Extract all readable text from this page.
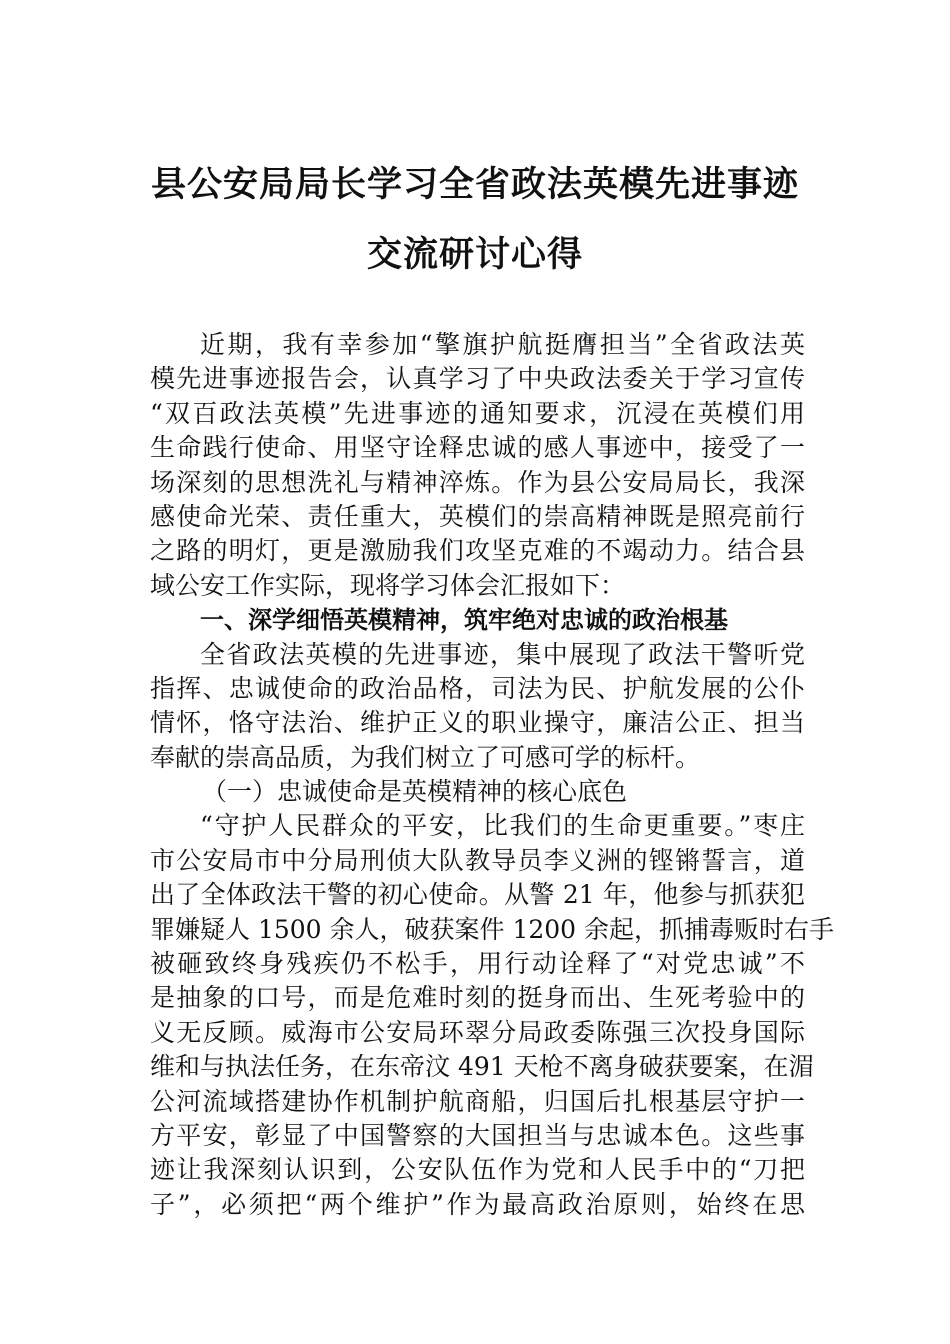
县公安局局长学习全省政法英模先进事迹
交流研讨心得
近期，我有幸参加“擎旗护航挺膺担当”全省政法英
模先进事迹报告会，认真学习了中央政法委关于学习宣传
“双百政法英模”先进事迹的通知要求，沉浸在英模们用
生命践行使命、用坚守诠释忠诚的感人事迹中，接受了一
场深刻的思想洗礼与精神淬炼。作为县公安局局长，我深
感使命光荣、责任重大，英模们的崇高精神既是照亮前行
之路的明灯，更是激励我们攻坚克难的不竭动力。结合县
域公安工作实际，现将学习体会汇报如下：
一、深学细悟英模精神，筑牢绝对忠诚的政治根基
全省政法英模的先进事迹，集中展现了政法干警听党
指挥、忠诚使命的政治品格，司法为民、护航发展的公仆
情怀，恪守法治、维护正义的职业操守，廉洁公正、担当
奉献的崇高品质，为我们树立了可感可学的标杆。
（一）忠诚使命是英模精神的核心底色
“守护人民群众的平安，比我们的生命更重要。”枣庄
市公安局市中分局刑侦大队教导员李义洲的铿锵誓言，道
出了全体政法干警的初心使命。从警 21 年，他参与抓获犯
罪嫌疑人 1500 余人，破获案件 1200 余起，抓捕毒贩时右手
被砸致终身残疾仍不松手，用行动诠释了“对党忠诚”不
是抽象的口号，而是危难时刻的挺身而出、生死考验中的
义无反顾。威海市公安局环翠分局政委陈强三次投身国际
维和与执法任务，在东帝汶 491 天枪不离身破获要案，在湄
公河流域搭建协作机制护航商船，归国后扎根基层守护一
方平安，彰显了中国警察的大国担当与忠诚本色。这些事
迹让我深刻认识到，公安队伍作为党和人民手中的“刀把
子”，必须把“两个维护”作为最高政治原则，始终在思
